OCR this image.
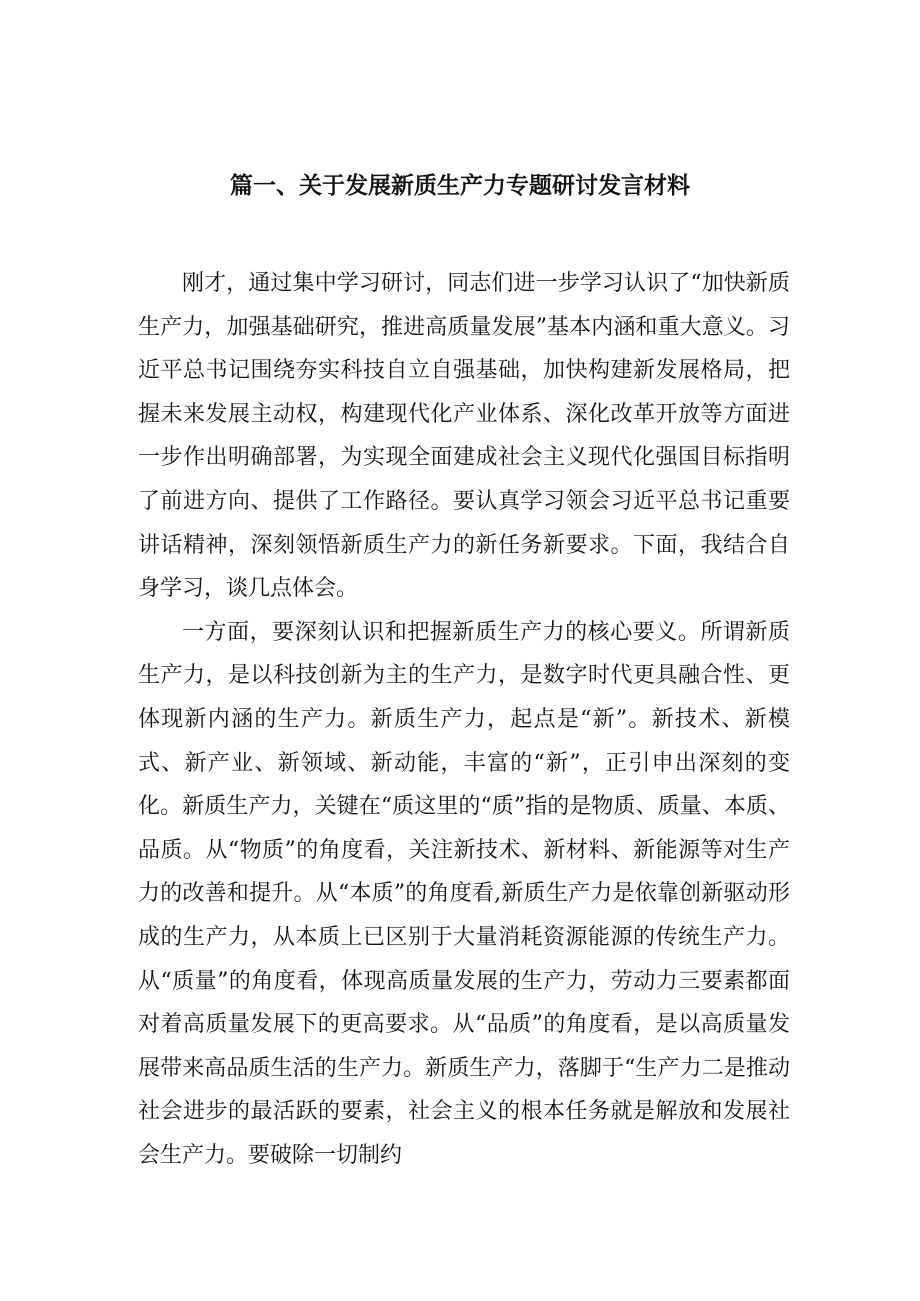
篇一、关于发展新质生产力专题研讨发言材料

刚才，通过集中学习研讨，同志们进一步学习认识了“加快新质生产力，加强基础研究，推进高质量发展”基本内涵和重大意义。习近平总书记围绕夯实科技自立自强基础，加快构建新发展格局，把握未来发展主动权，构建现代化产业体系、深化改革开放等方面进一步作出明确部署，为实现全面建成社会主义现代化强国目标指明了前进方向、提供了工作路径。要认真学习领会习近平总书记重要讲话精神，深刻领悟新质生产力的新任务新要求。下面，我结合自身学习，谈几点体会。

一方面，要深刻认识和把握新质生产力的核心要义。所谓新质生产力，是以科技创新为主的生产力，是数字时代更具融合性、更体现新内涵的生产力。新质生产力，起点是“新”。新技术、新模式、新产业、新领域、新动能，丰富的“新”，正引申出深刻的变化。新质生产力，关键在“质这里的“质”指的是物质、质量、本质、品质。从“物质”的角度看，关注新技术、新材料、新能源等对生产力的改善和提升。从“本质”的角度看,新质生产力是依靠创新驱动形成的生产力，从本质上已区别于大量消耗资源能源的传统生产力。从“质量”的角度看，体现高质量发展的生产力，劳动力三要素都面对着高质量发展下的更高要求。从“品质”的角度看，是以高质量发展带来高品质生活的生产力。新质生产力，落脚于“生产力二是推动社会进步的最活跃的要素，社会主义的根本任务就是解放和发展社会生产力。要破除一切制约
